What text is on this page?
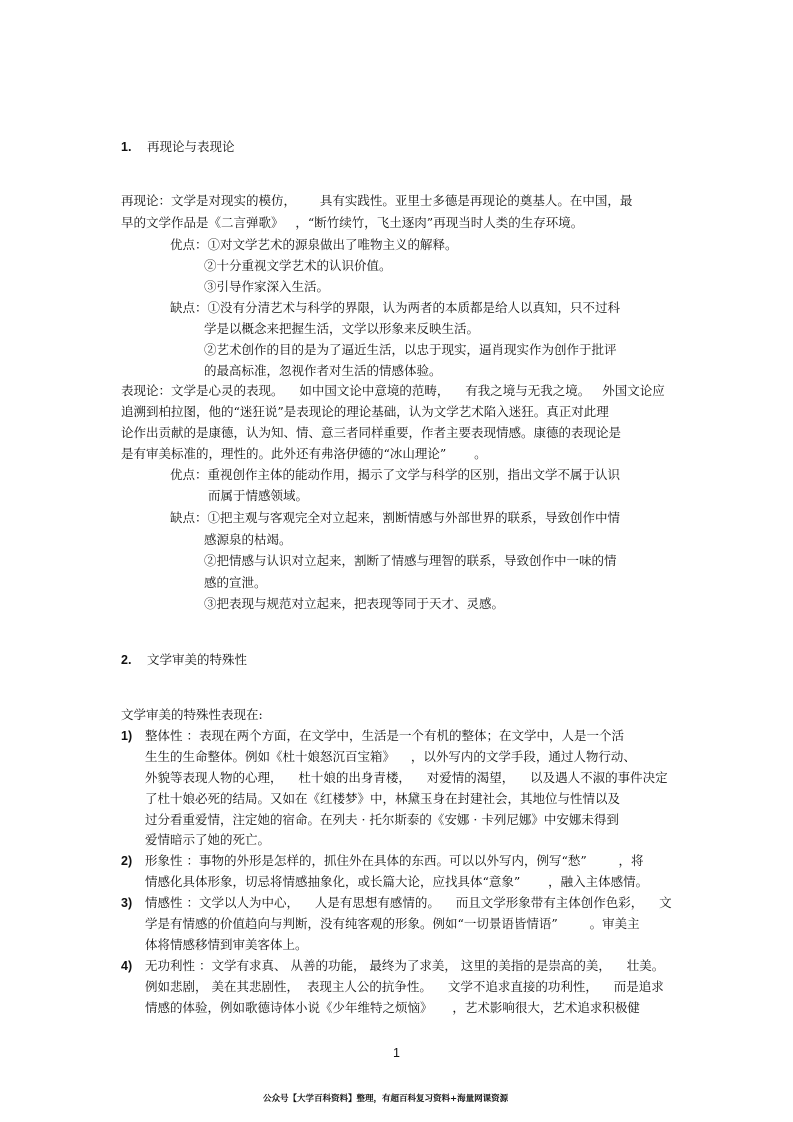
1. 再现论与表现论
再现论：文学是对现实的模仿，      具有实践性。亚里士多德是再现论的奠基人。在中国，最
早的文学作品是《二言弹歌》   ，“断竹续竹，飞土逐肉”再现当时人类的生存环境。
优点：①对文学艺术的源泉做出了唯物主义的解释。
②十分重视文学艺术的认识价值。
③引导作家深入生活。
缺点：①没有分清艺术与科学的界限，认为两者的本质都是给人以真知，只不过科
学是以概念来把握生活，文学以形象来反映生活。
②艺术创作的目的是为了逼近生活，以忠于现实，逼肖现实作为创作于批评
的最高标准，忽视作者对生活的情感体验。
表现论：文学是心灵的表现。    如中国文论中意境的范畴，    有我之境与无我之境。   外国文论应
追溯到柏拉图，他的“迷狂说”是表现论的理论基础，认为文学艺术陷入迷狂。真正对此理
论作出贡献的是康德，认为知、情、意三者同样重要，作者主要表现情感。康德的表现论是
是有审美标准的，理性的。此外还有弗洛伊德的“冰山理论”       。
优点：重视创作主体的能动作用，揭示了文学与科学的区别，指出文学不属于认识
而属于情感领域。
缺点：①把主观与客观完全对立起来，割断情感与外部世界的联系，导致创作中情
感源泉的枯竭。
②把情感与认识对立起来，割断了情感与理智的联系，导致创作中一味的情
感的宣泄。
③把表现与规范对立起来，把表现等同于天才、灵感。
2. 文学审美的特殊性
文学审美的特殊性表现在:
1) 整体性 ：表现在两个方面，在文学中，生活是一个有机的整体；在文学中，人是一个活
生生的生命整体。例如《杜十娘怒沉百宝箱》    ，以外写内的文学手段，通过人物行动、
外貌等表现人物的心理，    杜十娘的出身青楼，    对爱情的渴望，    以及遇人不淑的事件决定
了杜十娘必死的结局。又如在《红楼梦》中，林黛玉身在封建社会，其地位与性情以及
过分看重爱情，注定她的宿命。在列夫 · 托尔斯泰的《安娜 · 卡列尼娜》中安娜未得到
爱情暗示了她的死亡。
2) 形象性 ：事物的外形是怎样的，抓住外在具体的东西。可以以外写内，例写“愁”        ，将
情感化具体形象，切忌将情感抽象化，或长篇大论，应找具体“意象”       ，融入主体感情。
3) 情感性 ：文学以人为中心，    人是有思想有感情的。    而且文学形象带有主体创作色彩，    文
学是有情感的价值趋向与判断，没有纯客观的形象。例如“一切景语皆情语”        。审美主
体将情感移情到审美客体上。
4) 无功利性 ：文学有求真、 从善的功能， 最终为了求美， 这里的美指的是崇高的美，    壮美。
例如悲剧， 美在其悲剧性，  表现主人公的抗争性。    文学不追求直接的功利性，    而是追求
情感的体验，例如歌德诗体小说《少年维特之烦恼》     ，艺术影响很大，艺术追求积极健
1
公众号【大学百科资料】整理，有超百科复习资料+海量网课资源
